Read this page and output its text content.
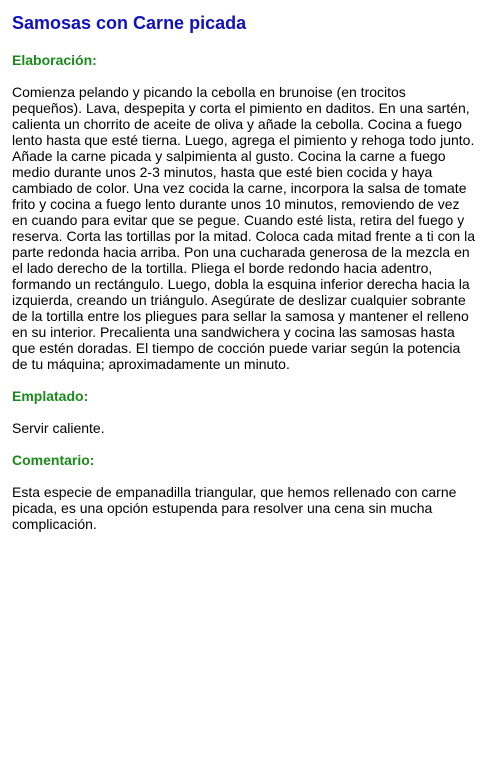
Samosas con Carne picada
Elaboración:

Comienza pelando y picando la cebolla en brunoise (en trocitos pequeños). Lava, despepita y corta el pimiento en daditos. En una sartén, calienta un chorrito de aceite de oliva y añade la cebolla. Cocina a fuego lento hasta que esté tierna. Luego, agrega el pimiento y rehoga todo junto. Añade la carne picada y salpimienta al gusto. Cocina la carne a fuego medio durante unos 2-3 minutos, hasta que esté bien cocida y haya cambiado de color. Una vez cocida la carne, incorpora la salsa de tomate frito y cocina a fuego lento durante unos 10 minutos, removiendo de vez en cuando para evitar que se pegue. Cuando esté lista, retira del fuego y reserva. Corta las tortillas por la mitad. Coloca cada mitad frente a ti con la parte redonda hacia arriba. Pon una cucharada generosa de la mezcla en el lado derecho de la tortilla. Pliega el borde redondo hacia adentro, formando un rectángulo. Luego, dobla la esquina inferior derecha hacia la izquierda, creando un triángulo. Asegúrate de deslizar cualquier sobrante de la tortilla entre los pliegues para sellar la samosa y mantener el relleno en su interior. Precalienta una sandwichera y cocina las samosas hasta que estén doradas. El tiempo de cocción puede variar según la potencia de tu máquina; aproximadamente un minuto.

Emplatado:

Servir caliente.

Comentario:

Esta especie de empanadilla triangular, que hemos rellenado con carne picada, es una opción estupenda para resolver una cena sin mucha complicación.
